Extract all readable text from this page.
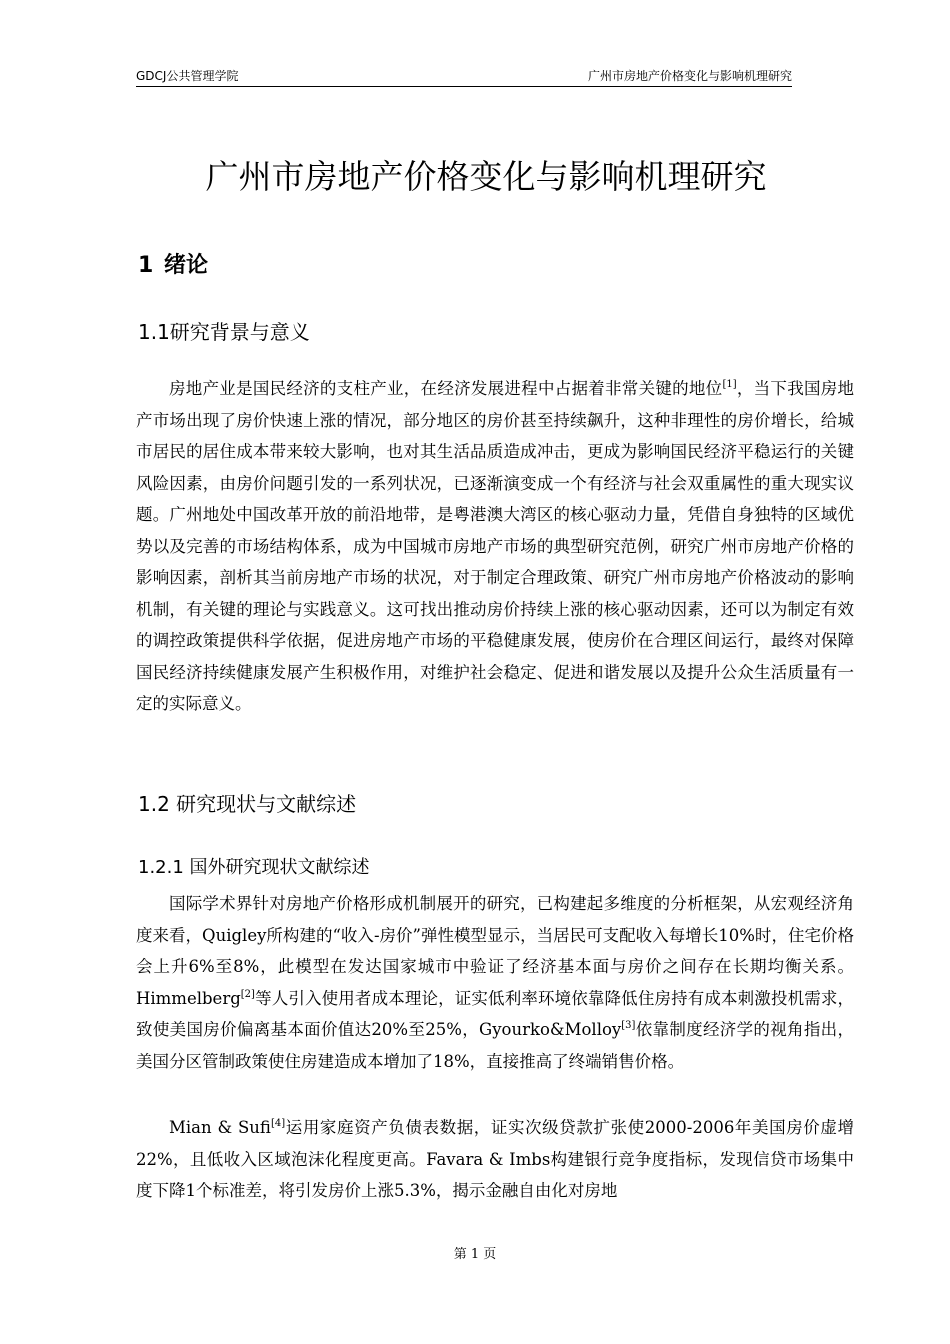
GDCJ公共管理学院	广州市房地产价格变化与影响机理研究
广州市房地产价格变化与影响机理研究
1 绪论
1.1研究背景与意义

房地产业是国民经济的支柱产业，在经济发展进程中占据着非常关键的地位[1]，当下我国房地产市场出现了房价快速上涨的情况，部分地区的房价甚至持续飙升，这种非理性的房价增长，给城市居民的居住成本带来较大影响，也对其生活品质造成冲击，更成为影响国民经济平稳运行的关键风险因素，由房价问题引发的一系列状况，已逐渐演变成一个有经济与社会双重属性的重大现实议题。广州地处中国改革开放的前沿地带，是粤港澳大湾区的核心驱动力量，凭借自身独特的区域优势以及完善的市场结构体系，成为中国城市房地产市场的典型研究范例，研究广州市房地产价格的影响因素，剖析其当前房地产市场的状况，对于制定合理政策、研究广州市房地产价格波动的影响机制，有关键的理论与实践意义。这可找出推动房价持续上涨的核心驱动因素，还可以为制定有效的调控政策提供科学依据，促进房地产市场的平稳健康发展，使房价在合理区间运行，最终对保障国民经济持续健康发展产生积极作用，对维护社会稳定、促进和谐发展以及提升公众生活质量有一定的实际意义。

1.2 研究现状与文献综述
1.2.1 国外研究现状文献综述

国际学术界针对房地产价格形成机制展开的研究，已构建起多维度的分析框架，从宏观经济角度来看，Quigley所构建的“收入-房价”弹性模型显示，当居民可支配收入每增长10%时，住宅价格会上升6%至8%，此模型在发达国家城市中验证了经济基本面与房价之间存在长期均衡关系。Himmelberg[2]等人引入使用者成本理论，证实低利率环境依靠降低住房持有成本刺激投机需求，致使美国房价偏离基本面价值达20%至25%，Gyourko&Molloy[3]依靠制度经济学的视角指出，美国分区管制政策使住房建造成本增加了18%，直接推高了终端销售价格。

Mian & Sufi[4]运用家庭资产负债表数据，证实次级贷款扩张使2000-2006年美国房价虚增22%，且低收入区域泡沫化程度更高。Favara & Imbs构建银行竞争度指标，发现信贷市场集中度下降1个标准差，将引发房价上涨5.3%，揭示金融自由化对房地

第 1 页
